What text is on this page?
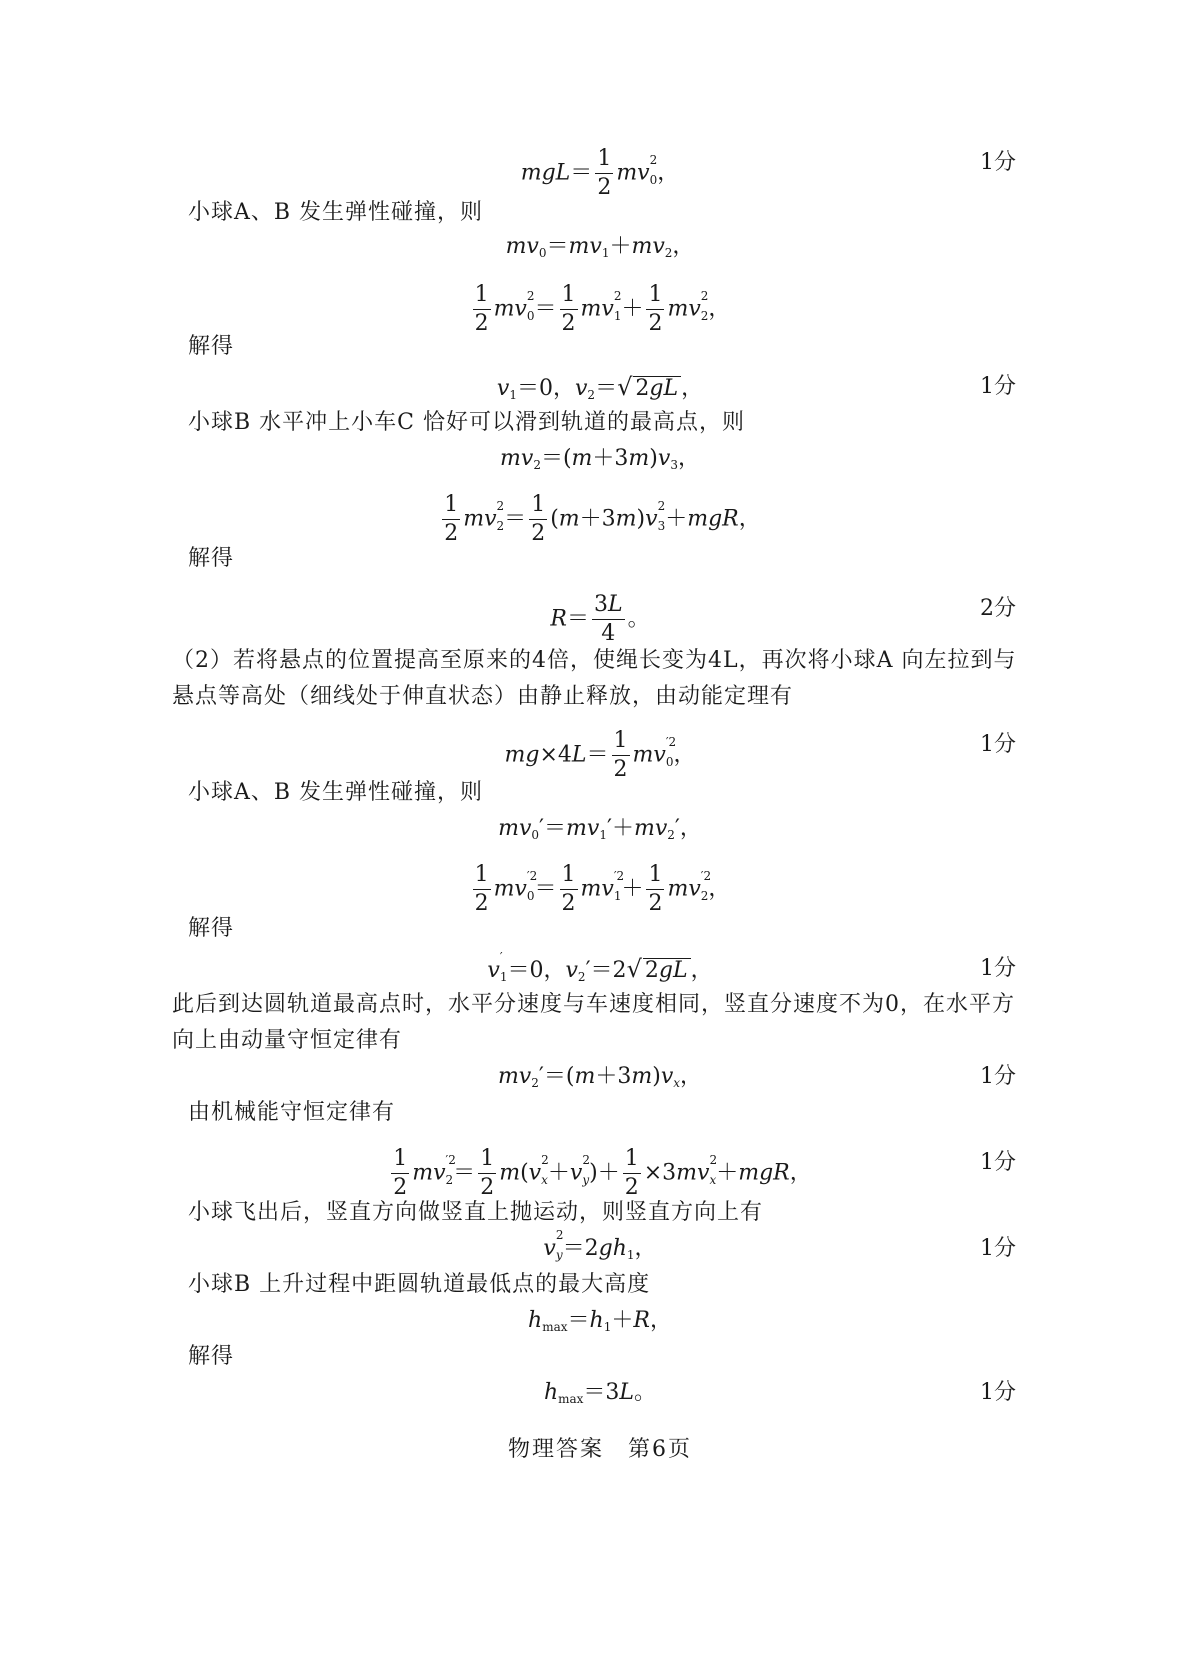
$mgL= \frac{1}{2}$ mv
2
0，	1分
小球A、B 发生弹性碰撞，则
$mv_0=mv_1+mv_2$，
$\frac{1}{2}$ mv
2
$0= \frac{1}{2}$ mv
2
$1+ \frac{1}{2}$ mv
2
2，
解得
$v_1=0$，$v_2=√$ 2gL ，	1分
小球B 水平冲上小车C 恰好可以滑到轨道的最高点，则
$mv_2=(m+3m)v_3$，
$\frac{1}{2}$ mv
2
$2= \frac{1}{2} (m+3m)v$
2
3＋mgR，
解得
$R= \frac{3L}{4}$ 。	2分
（2）若将悬点的位置提高至原来的4倍，使绳长变为4L，再次将小球A 向左拉到与
悬点等高处（细线处于伸直状态）由静止释放，由动能定理有
$mg\times 4L= \frac{1}{2}$ mv
′2
0，	1分
小球A、B 发生弹性碰撞，则
$mv_0'=mv_1'+mv_2'$，
$\frac{1}{2}$ mv
′2
$0= \frac{1}{2}$ mv
′2
$1+ \frac{1}{2}$ mv
′2
2，
解得
v
′
1＝0，$v_2'=2√$ 2gL ，	1分
此后到达圆轨道最高点时，水平分速度与车速度相同，竖直分速度不为0，在水平方
向上由动量守恒定律有
$mv_2'=(m+3m)v_x$，	1分
由机械能守恒定律有
$\frac{1}{2}$ mv
′2
$2= \frac{1}{2} m(v$
2
x＋v
2
$y)+ \frac{1}{2} \times 3mv$
2
x＋mgR，	1分
小球飞出后，竖直方向做竖直上抛运动，则竖直方向上有
v
2
$y=2gh_1$，	1分
小球B 上升过程中距圆轨道最低点的最大高度
$h_{max}=h_1+R$，
解得
$h_{max}=3L$。	1分
物理答案　第6页
